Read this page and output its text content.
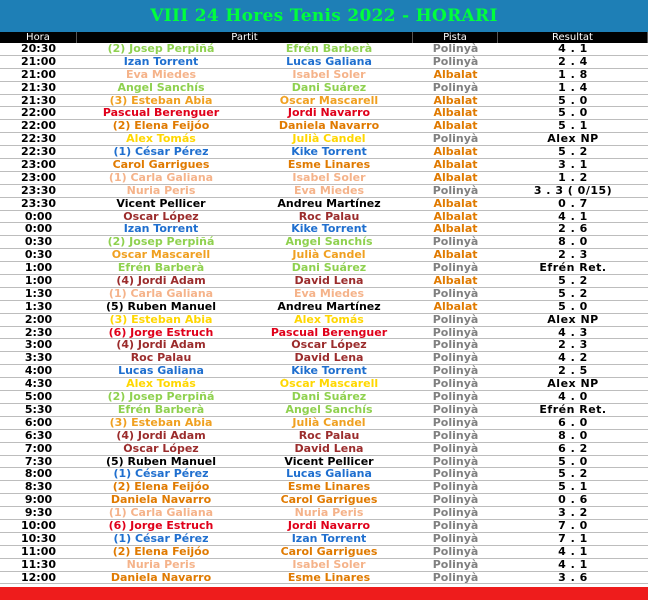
VIII 24 Hores Tenis 2022 - HORARI
Hora	Partit	Pista	Resultat
20:30	(2) Josep Perpiñá	Efrén Barberà	Polinyà	4 . 1
21:00	Izan Torrent	Lucas Galiana	Polinyà	2 . 4
21:00	Eva Miedes	Isabel Soler	Albalat	1 . 8
21:30	Angel Sanchís	Dani Suárez	Polinyà	1 . 4
21:30	(3) Esteban Abia	Óscar Mascarell	Albalat	5 . 0
22:00	Pascual Berenguer	Jordi Navarro	Albalat	5 . 0
22:00	(2) Elena Feijóo	Daniela Navarro	Albalat	5 . 1
22:30	Alex Tomás	Julià Candel	Polinyà	Alex NP
22:30	(1) César Pérez	Kike Torrent	Albalat	5 . 2
23:00	Carol Garrigues	Esme Linares	Albalat	3 . 1
23:00	(1) Carla Galiana	Isabel Soler	Albalat	1 . 2
23:30	Nuria Peris	Eva Miedes	Polinyà	3 . 3 ( 0/15)
23:30	Vicent Pellicer	Andreu Martínez	Albalat	0 . 7
0:00	Oscar López	Roc Palau	Albalat	4 . 1
0:00	Izan Torrent	Kike Torrent	Albalat	2 . 6
0:30	(2) Josep Perpiñá	Angel Sanchís	Polinyà	8 . 0
0:30	Oscar Mascarell	Julià Candel	Albalat	2 . 3
1:00	Efrén Barberà	Dani Suárez	Polinyà	Efrén Ret.
1:00	(4) Jordi Adam	David Lena	Albalat	5 . 2
1:30	(1) Carla Galiana	Eva Miedes	Polinyà	5 . 2
1:30	(5) Ruben Manuel	Andreu Martínez	Albalat	5 . 0
2:00	(3) Esteban Abia	Alex Tomás	Polinyà	Alex NP
2:30	(6) Jorge Estruch	Pascual Berenguer	Polinyà	4 . 3
3:00	(4) Jordi Adam	Óscar López	Polinyà	2 . 3
3:30	Roc Palau	David Lena	Polinyà	4 . 2
4:00	Lucas Galiana	Kike Torrent	Polinyà	2 . 5
4:30	Alex Tomás	Óscar Mascarell	Polinyà	Alex NP
5:00	(2) Josep Perpiñá	Dani Suárez	Polinyà	4 . 0
5:30	Efrén Barberà	Angel Sanchís	Polinyà	Efrén Ret.
6:00	(3) Esteban Abia	Julià Candel	Polinyà	6 . 0
6:30	(4) Jordi Adam	Roc Palau	Polinyà	8 . 0
7:00	Óscar López	David Lena	Polinyà	6 . 2
7:30	(5) Ruben Manuel	Vicent Pellicer	Polinyà	5 . 0
8:00	(1) César Pérez	Lucas Galiana	Polinyà	5 . 2
8:30	(2) Elena Feijóo	Esme Linares	Polinyà	5 . 1
9:00	Daniela Navarro	Carol Garrigues	Polinyà	0 . 6
9:30	(1) Carla Galiana	Nuria Peris	Polinyà	3 . 2
10:00	(6) Jorge Estruch	Jordi Navarro	Polinyà	7 . 0
10:30	(1) César Pérez	Izan Torrent	Polinyà	7 . 1
11:00	(2) Elena Feijóo	Carol Garrigues	Polinyà	4 . 1
11:30	Nuria Peris	Isabel Soler	Polinyà	4 . 1
12:00	Daniela Navarro	Esme Linares	Polinyà	3 . 6
